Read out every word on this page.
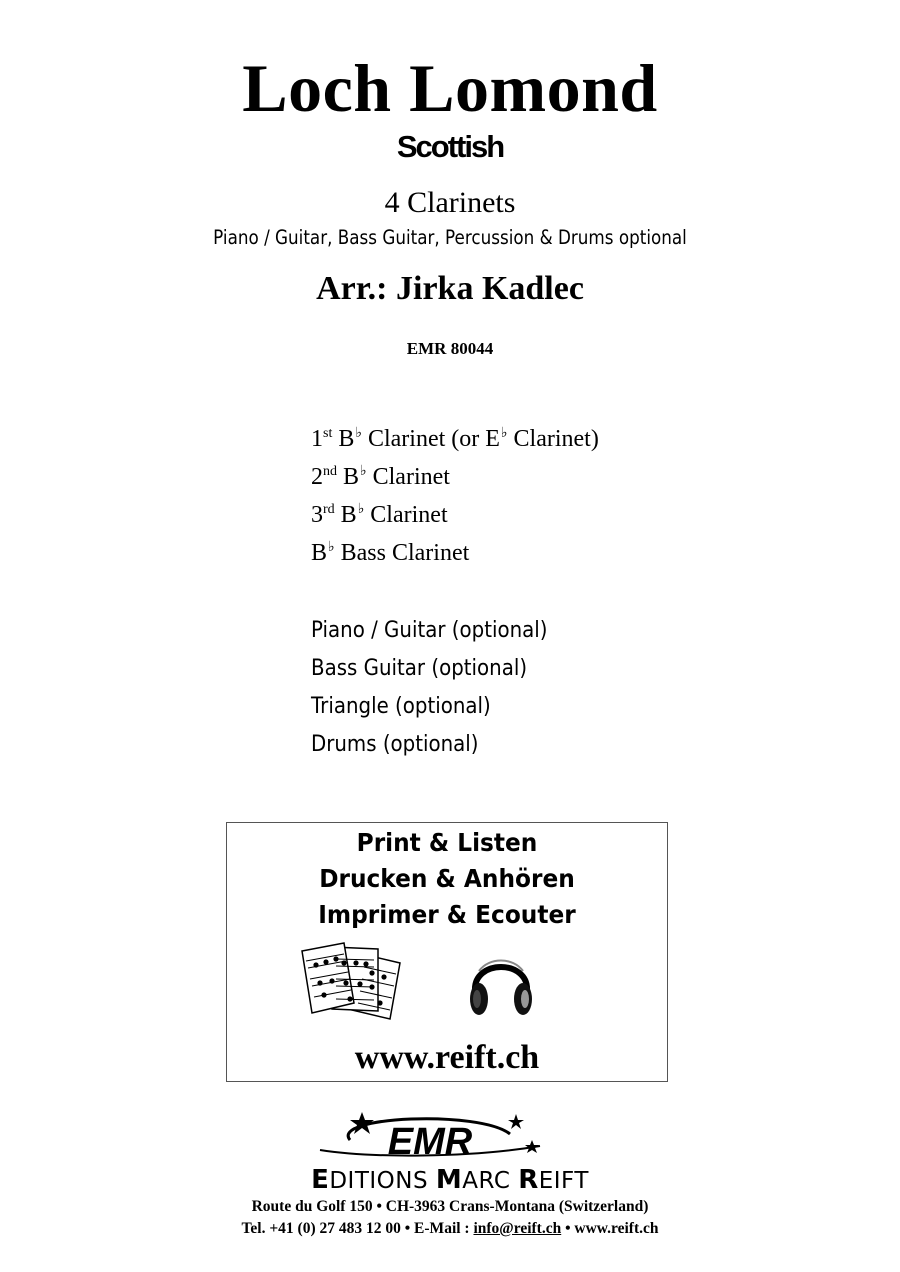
Loch Lomond
Scottish
4 Clarinets
Piano / Guitar, Bass Guitar, Percussion & Drums optional
Arr.: Jirka Kadlec
EMR 80044
1st B♭ Clarinet (or E♭ Clarinet)
2nd B♭ Clarinet
3rd B♭ Clarinet
B♭ Bass Clarinet
Piano / Guitar (optional)
Bass Guitar (optional)
Triangle (optional)
Drums (optional)
Print & Listen
Drucken & Anhören
Imprimer & Ecouter
www.reift.ch
EMR
EDITIONS MARC REIFT
Route du Golf 150 • CH-3963 Crans-Montana (Switzerland)
Tel. +41 (0) 27 483 12 00 • E-Mail : info@reift.ch • www.reift.ch
